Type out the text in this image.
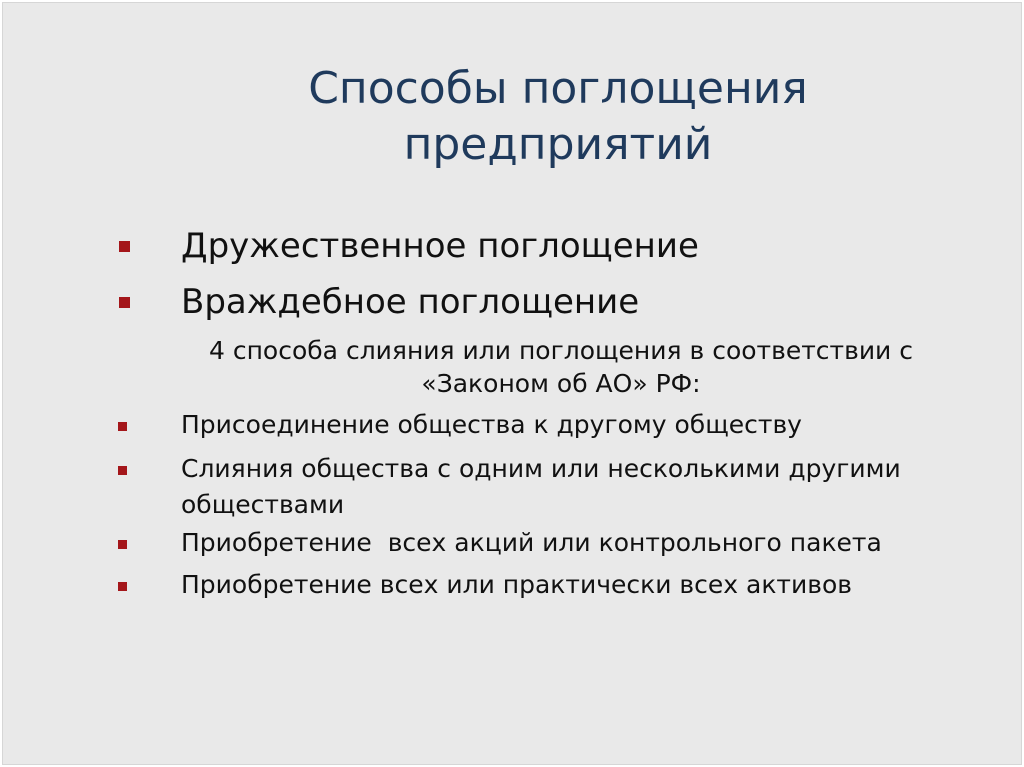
Способы поглощения
предприятий
Дружественное поглощение
Враждебное поглощение
4 способа слияния или поглощения в соответствии с
«Законом об АО» РФ:
Присоединение общества к другому обществу
Слияния общества с одним или несколькими другими обществами
Приобретение  всех акций или контрольного пакета
Приобретение всех или практически всех активов
